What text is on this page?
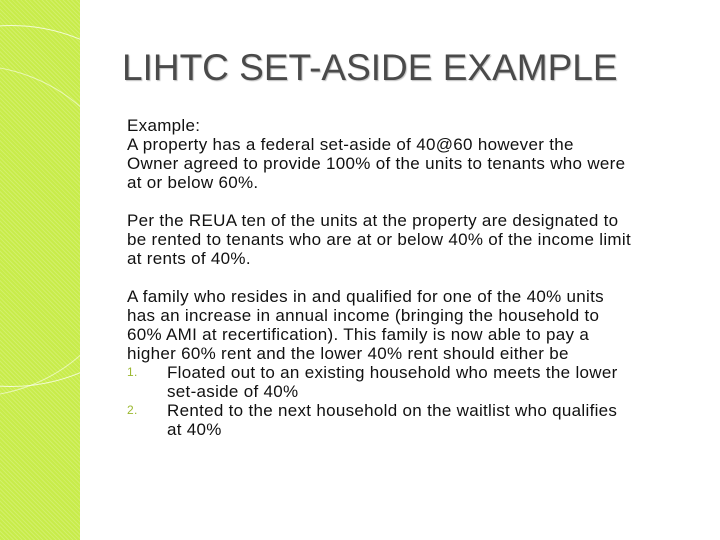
LIHTC SET-ASIDE EXAMPLE

Example:
A property has a federal set-aside of 40@60 however the
Owner agreed to provide 100% of the units to tenants who were
at or below 60%.

Per the REUA ten of the units at the property are designated to
be rented to tenants who are at or below 40% of the income limit
at rents of 40%.

A family who resides in and qualified for one of the 40% units
has an increase in annual income (bringing the household to
60% AMI at recertification). This family is now able to pay a
higher 60% rent and the lower 40% rent should either be
1.	Floated out to an existing household who meets the lower
set-aside of 40%
2.	Rented to the next household on the waitlist who qualifies
at 40%
